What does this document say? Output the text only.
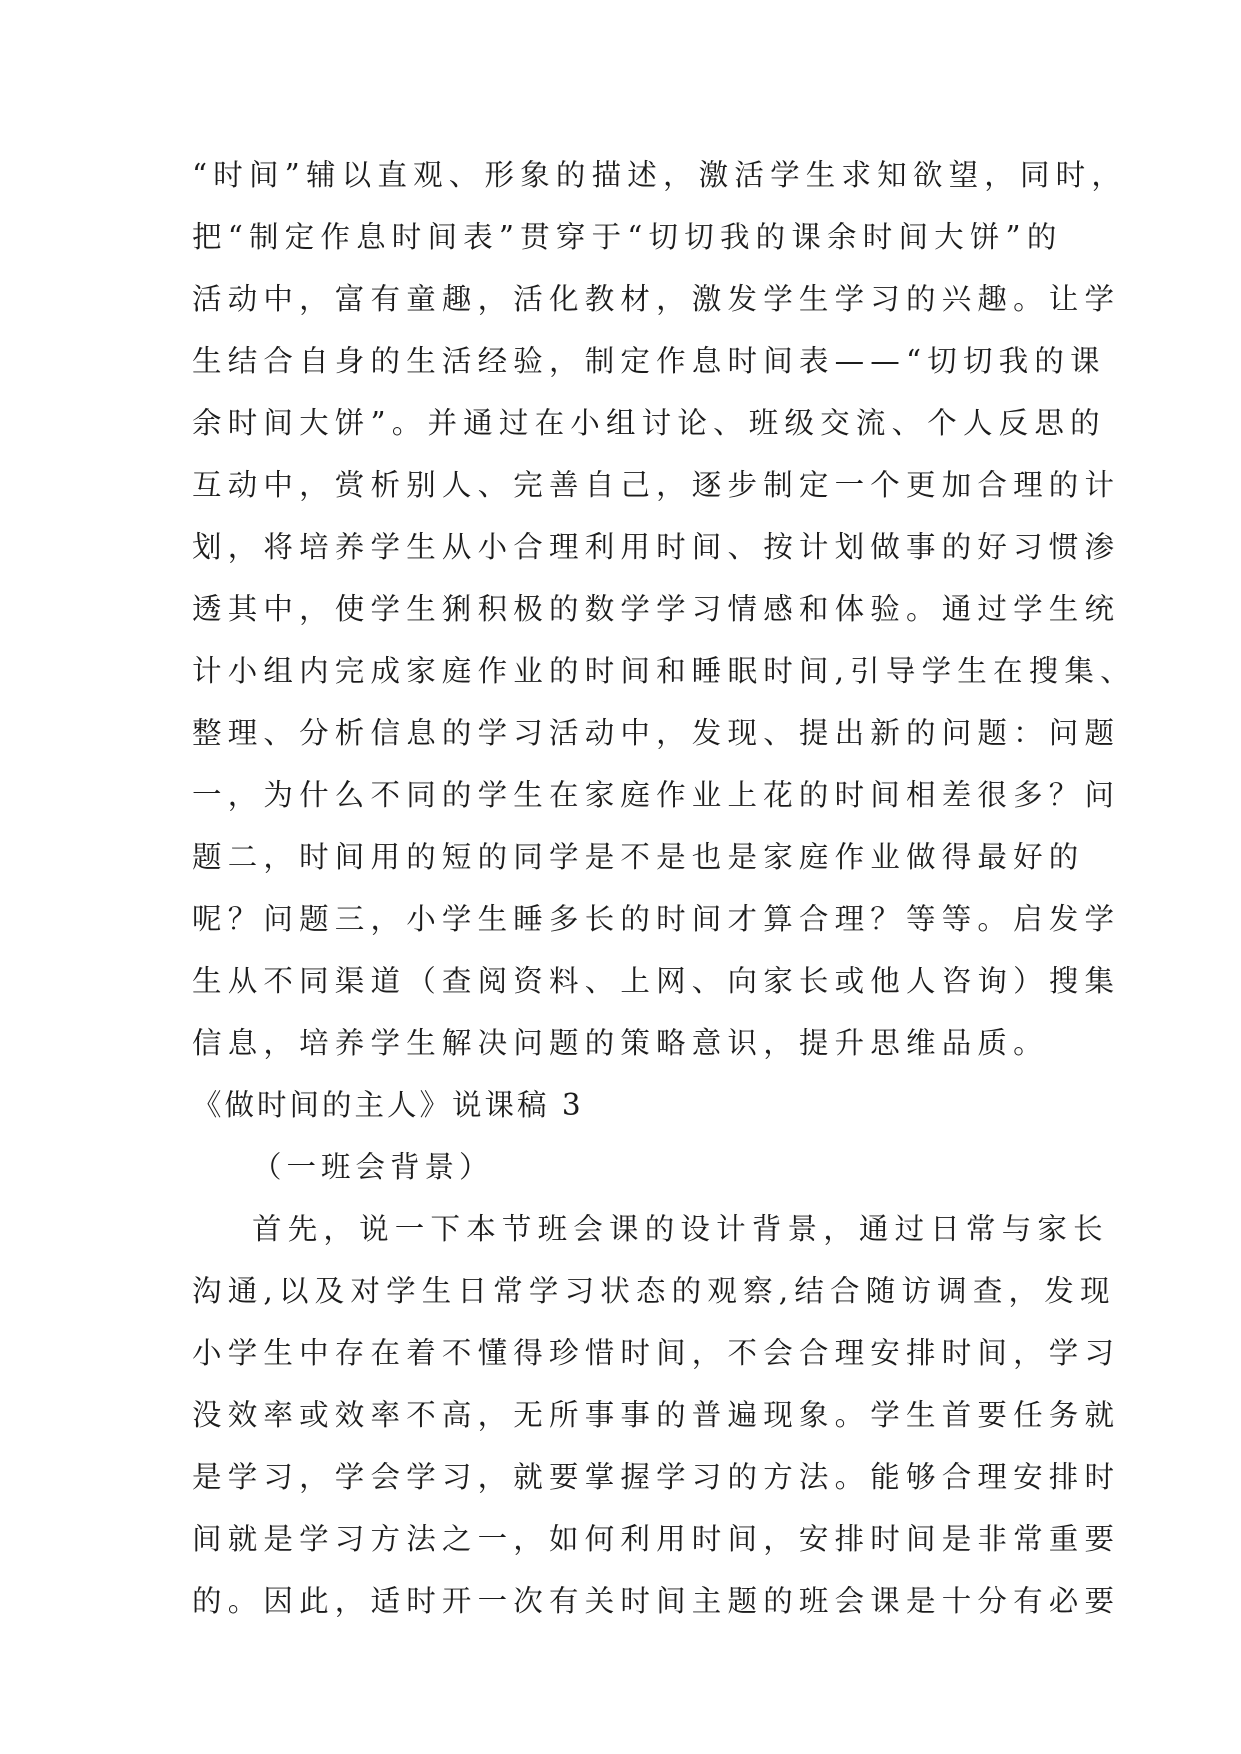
“时间”辅以直观、形象的描述，激活学生求知欲望，同时，
把“制定作息时间表”贯穿于“切切我的课余时间大饼”的
活动中，富有童趣，活化教材，激发学生学习的兴趣。让学
生结合自身的生活经验，制定作息时间表——“切切我的课
余时间大饼”。并通过在小组讨论、班级交流、个人反思的
互动中，赏析别人、完善自己，逐步制定一个更加合理的计
划，将培养学生从小合理利用时间、按计划做事的好习惯渗
透其中，使学生猁积极的数学学习情感和体验。通过学生统
计小组内完成家庭作业的时间和睡眠时间,引导学生在搜集、
整理、分析信息的学习活动中，发现、提出新的问题：问题
一，为什么不同的学生在家庭作业上花的时间相差很多？问
题二，时间用的短的同学是不是也是家庭作业做得最好的
呢？问题三，小学生睡多长的时间才算合理？等等。启发学
生从不同渠道（查阅资料、上网、向家长或他人咨询）搜集
信息，培养学生解决问题的策略意识，提升思维品质。
《做时间的主人》说课稿 3
（一班会背景）
首先，说一下本节班会课的设计背景，通过日常与家长
沟通,以及对学生日常学习状态的观察,结合随访调查，发现
小学生中存在着不懂得珍惜时间，不会合理安排时间，学习
没效率或效率不高，无所事事的普遍现象。学生首要任务就
是学习，学会学习，就要掌握学习的方法。能够合理安排时
间就是学习方法之一，如何利用时间，安排时间是非常重要
的。因此，适时开一次有关时间主题的班会课是十分有必要
